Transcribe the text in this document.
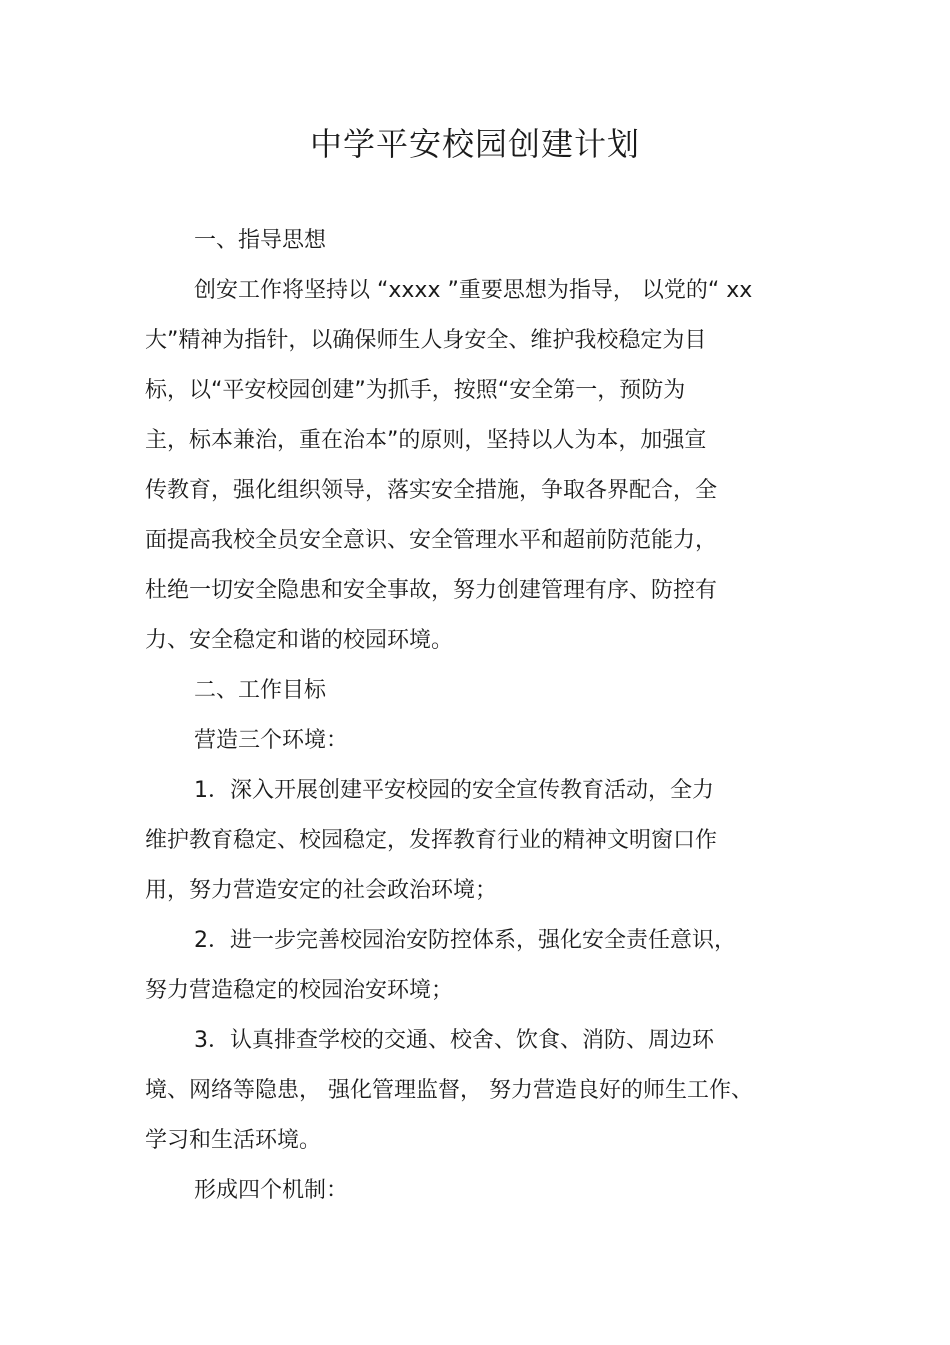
中学平安校园创建计划

一、指导思想

创安工作将坚持以 “xxxx ”重要思想为指导， 以党的“ xx

大”精神为指针，以确保师生人身安全、维护我校稳定为目

标，以“平安校园创建”为抓手，按照“安全第一，预防为

主，标本兼治，重在治本”的原则，坚持以人为本，加强宣

传教育，强化组织领导，落实安全措施，争取各界配合，全

面提高我校全员安全意识、安全管理水平和超前防范能力，

杜绝一切安全隐患和安全事故，努力创建管理有序、防控有

力、安全稳定和谐的校园环境。

二、工作目标

营造三个环境：

1．深入开展创建平安校园的安全宣传教育活动，全力

维护教育稳定、校园稳定，发挥教育行业的精神文明窗口作

用，努力营造安定的社会政治环境；

2．进一步完善校园治安防控体系，强化安全责任意识，

努力营造稳定的校园治安环境；

3．认真排查学校的交通、校舍、饮食、消防、周边环

境、网络等隐患， 强化管理监督， 努力营造良好的师生工作、

学习和生活环境。

形成四个机制：
